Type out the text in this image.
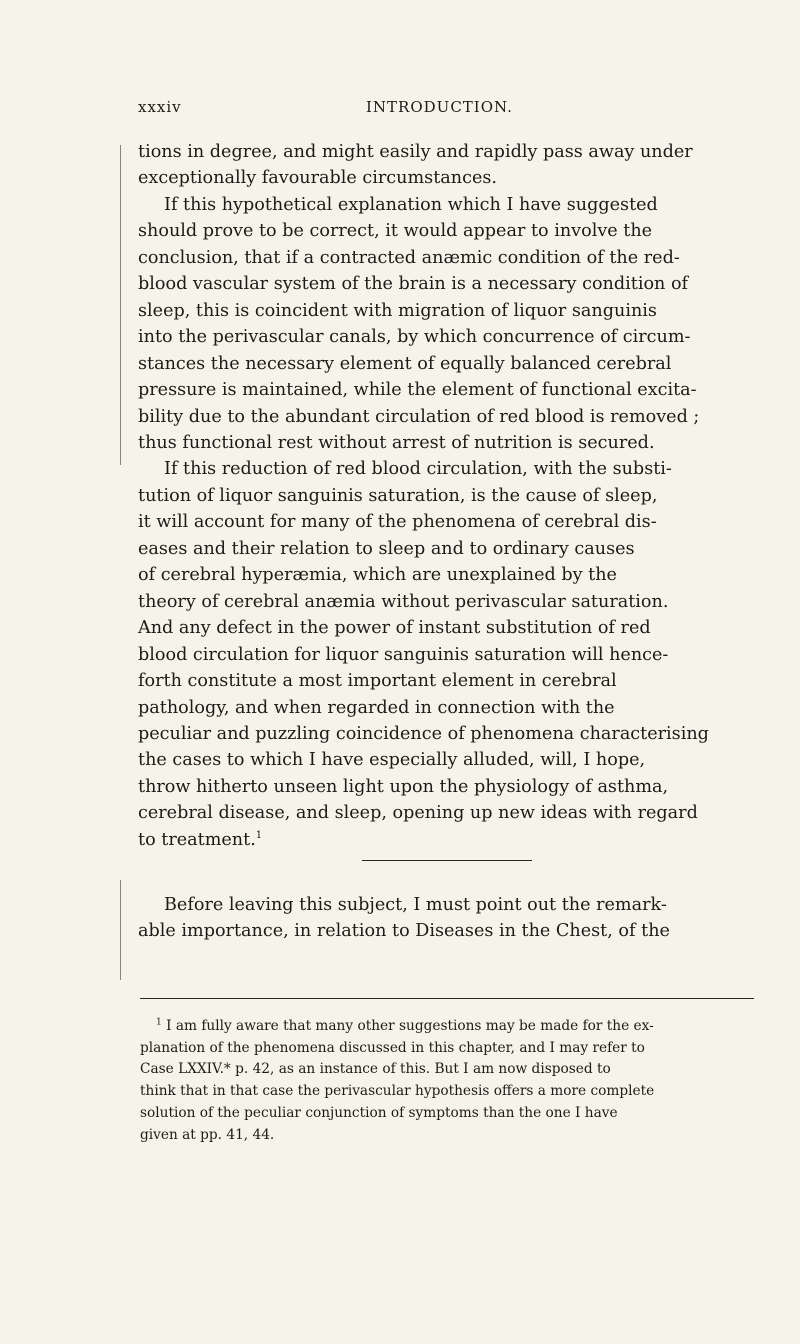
xxxiv	INTRODUCTION.

tions in degree, and might easily and rapidly pass away under

exceptionally favourable circumstances.

If this hypothetical explanation which I have suggested

should prove to be correct, it would appear to involve the

conclusion, that if a contracted anæmic condition of the red-

blood vascular system of the brain is a necessary condition of

sleep, this is coincident with migration of liquor sanguinis

into the perivascular canals, by which concurrence of circum-

stances the necessary element of equally balanced cerebral

pressure is maintained, while the element of functional excita-

bility due to the abundant circulation of red blood is removed ;

thus functional rest without arrest of nutrition is secured.

If this reduction of red blood circulation, with the substi-

tution of liquor sanguinis saturation, is the cause of sleep,

it will account for many of the phenomena of cerebral dis-

eases and their relation to sleep and to ordinary causes

of cerebral hyperæmia, which are unexplained by the

theory of cerebral anæmia without perivascular saturation.

And any defect in the power of instant substitution of red

blood circulation for liquor sanguinis saturation will hence-

forth constitute a most important element in cerebral

pathology, and when regarded in connection with the

peculiar and puzzling coincidence of phenomena characterising

the cases to which I have especially alluded, will, I hope,

throw hitherto unseen light upon the physiology of asthma,

cerebral disease, and sleep, opening up new ideas with regard

to treatment.$^1$

Before leaving this subject, I must point out the remark-

able importance, in relation to Diseases in the Chest, of the

$^1$ I am fully aware that many other suggestions may be made for the ex-

planation of the phenomena discussed in this chapter, and I may refer to

Case LXXIV.* p. 42, as an instance of this. But I am now disposed to

think that in that case the perivascular hypothesis offers a more complete

solution of the peculiar conjunction of symptoms than the one I have

given at pp. 41, 44.
